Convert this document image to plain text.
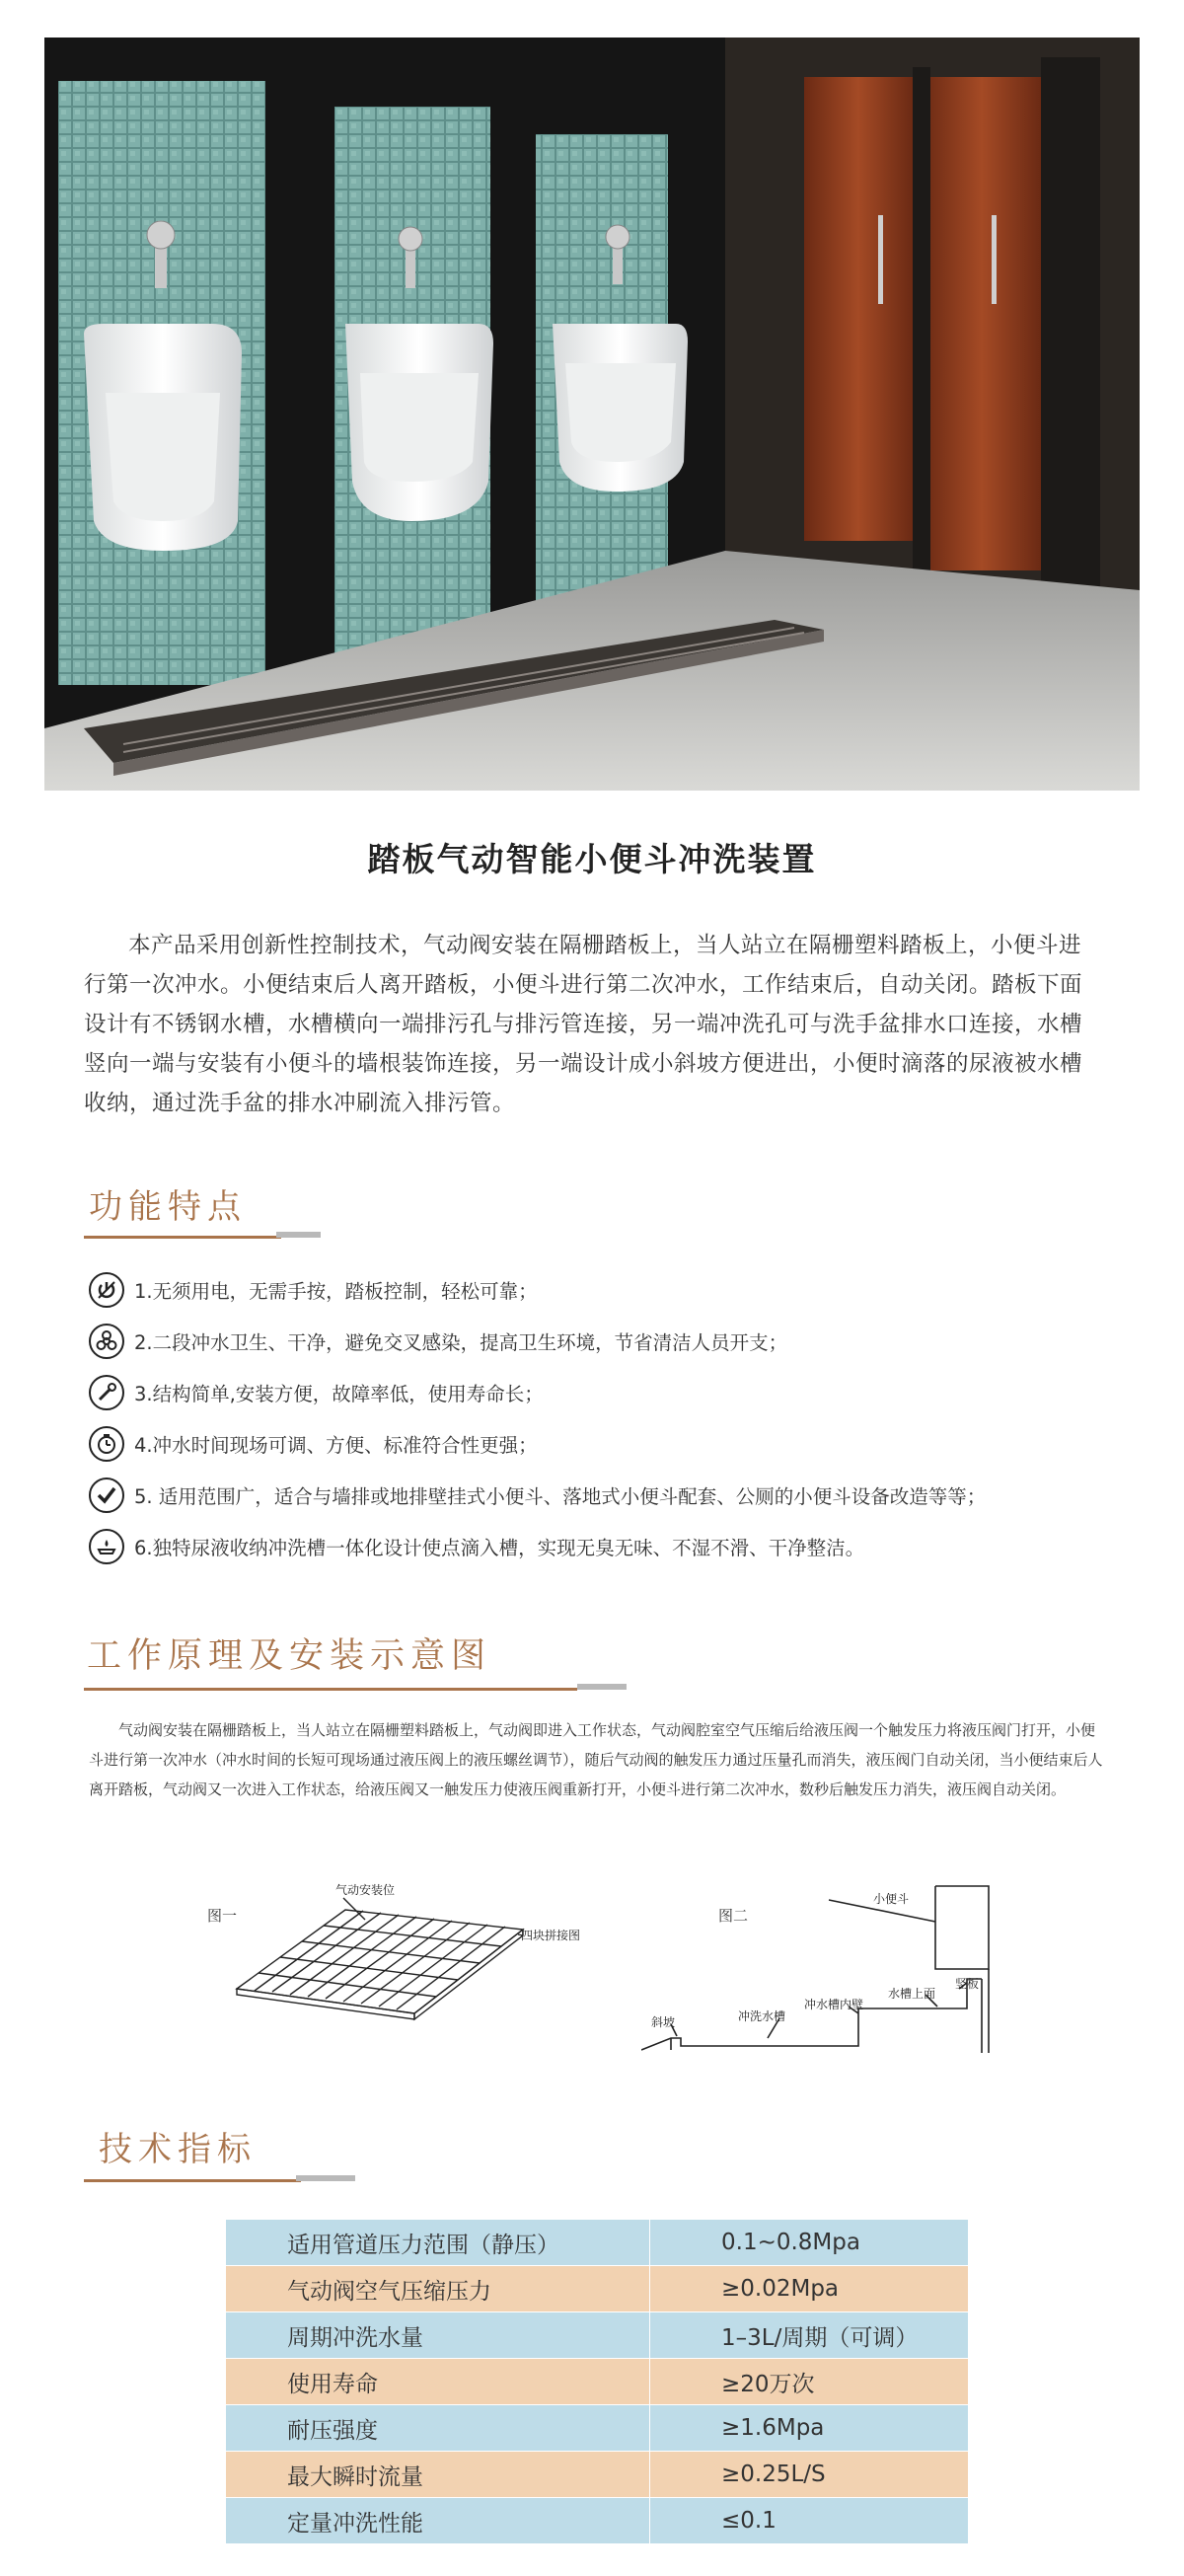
踏板气动智能小便斗冲洗装置
本产品采用创新性控制技术，气动阀安装在隔栅踏板上，当人站立在隔栅塑料踏板上，小便斗进行第一次冲水。小便结束后人离开踏板，小便斗进行第二次冲水，工作结束后，自动关闭。踏板下面设计有不锈钢水槽，水槽横向一端排污孔与排污管连接，另一端冲洗孔可与洗手盆排水口连接，水槽竖向一端与安装有小便斗的墙根装饰连接，另一端设计成小斜坡方便进出，小便时滴落的尿液被水槽收纳，通过洗手盆的排水冲刷流入排污管。
功能特点
1.无须用电，无需手按，踏板控制，轻松可靠；
2.二段冲水卫生、干净，避免交叉感染，提高卫生环境，节省清洁人员开支；
3.结构简单,安装方便，故障率低，使用寿命长；
4.冲水时间现场可调、方便、标准符合性更强；
5. 适用范围广，适合与墙排或地排壁挂式小便斗、落地式小便斗配套、公厕的小便斗设备改造等等；
6.独特尿液收纳冲洗槽一体化设计使点滴入槽，实现无臭无味、不湿不滑、干净整洁。
工作原理及安装示意图
气动阀安装在隔栅踏板上，当人站立在隔栅塑料踏板上，气动阀即进入工作状态，气动阀腔室空气压缩后给液压阀一个触发压力将液压阀门打开，小便斗进行第一次冲水（冲水时间的长短可现场通过液压阀上的液压螺丝调节），随后气动阀的触发压力通过压量孔而消失，液压阀门自动关闭，当小便结束后人离开踏板，气动阀又一次进入工作状态，给液压阀又一触发压力使液压阀重新打开，小便斗进行第二次冲水，数秒后触发压力消失，液压阀自动关闭。
图一
气动安装位
四块拼接图
图二
小便斗
竖板
水槽上面
冲水槽内壁
冲洗水槽
斜坡
技术指标
适用管道压力范围（静压）	0.1~0.8Mpa
气动阀空气压缩压力	≥0.02Mpa
周期冲洗水量	1–3L/周期（可调）
使用寿命	≥20万次
耐压强度	≥1.6Mpa
最大瞬时流量	≥0.25L/S
定量冲洗性能	≤0.1
